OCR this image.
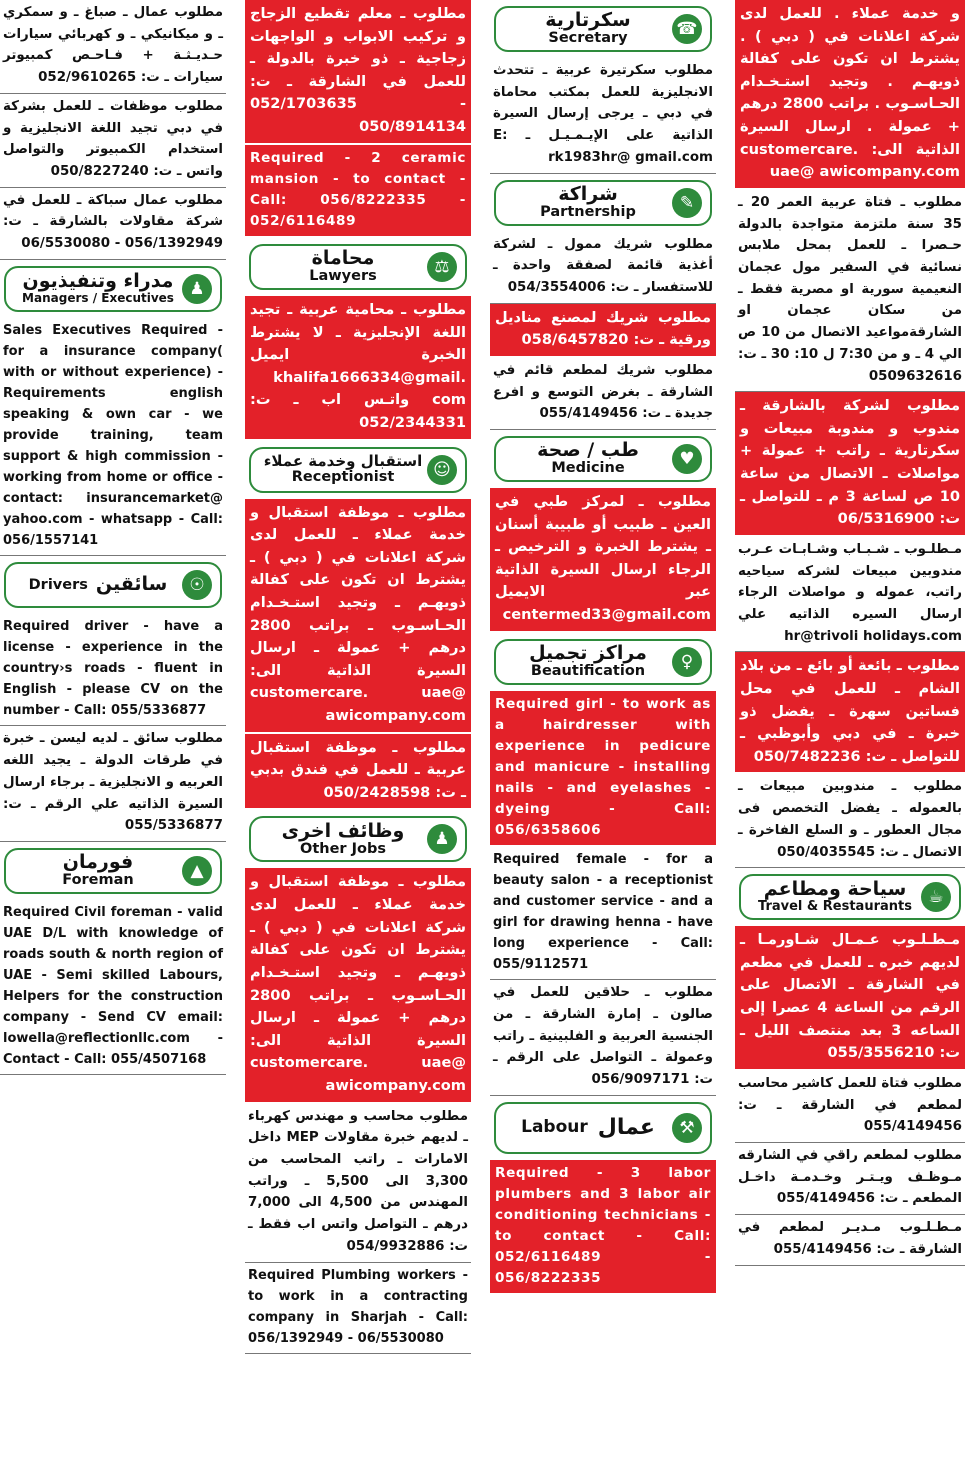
مطلوب عمال ـ صباغ ـ و سمكري ـ و ميكانيكي ـ و كهربائي سيارات حـديـثـة + فـاحـص كمبيوتر سيارات ـ ت: 052/9610265

مطلوب موظفات ـ للعمل بشركة في دبي تجيد اللغة الانجليزية و استخدام الكمبيوتر والتواصل واتس ـ ت: 050/8227240

مطلوب عمال سباكة ـ للعمل في شركة مقاولات بالشارقة ـ ت: 06/5530080 - 056/1392949

♟
مدراء وتنفيذيون
Managers / Executives

Sales Executives Required - for a insurance company( with or without experience) - Requirements english speaking & own car - we provide training, team support & high commission - working from home or office - contact: insurancemarket@ yahoo.com - whatsapp - Call: 056/1557141

☉
Drivers سائقين

Required driver - have a license - experience in the country›s roads - fluent in English - please CV on the number - Call: 055/5336877

مطلوب سائق ـ لديه ليسن ـ خبرة في طرقات الدولة ـ يجيد اللغه العربيه و الانجليزية ـ برجاء ارسال السيرة الذاتيه علي الرقم ـ ت: 055/5336877

▲
فورمان
Foreman

Required Civil foreman - valid UAE D/L with knowledge of roads south & north region of UAE - Semi skilled Labours, Helpers for the construction company - Send CV email: lowella@reflectionllc.com - Contact - Call: 055/4507168

مطلوب ـ معلم تقطيع الزجاج و تركيب الابواب و الواجهات زجاجية ـ ذو خبرة بالدولة ـ للعمل في الشارقة ـ ت: 052/1703635 - 050/8914134

Required - 2 ceramic mansion - to contact - Call: 056/8222335 - 052/6116489

محاماة
Lawyers	⚖

مطلوب ـ محامية عربية ـ تجيد اللغة الإنجليزية ـ لا يشترط الخبرة ايميل khalifa1666334@gmail. com واتـس اب ـ ت: 052/2344331

استقبال وخدمة عملاء
Receptionist	☺

مطلوب ـ موظفة استقبال و خدمة عملاء ـ للعمل لدى شركة اعلانات في ( دبي ) ـ يشترط ان تكون على كفالة ذويهـم ـ وتجيد استـخـدام الحـاسـوب ـ براتب 2800 درهم + عمولة ـ ارسال السيرة الذاتية الى: customercare. uae@ awicompany.com

مطلوب ـ موظفة استقبال عربية ـ للعمل في فندق بدبي ـ ت: 050/2428598

وظائف اخرى
Other Jobs	♟

مطلوب ـ موظفة استقبال و خدمة عملاء ـ للعمل لدى شركة اعلانات في ( دبي ) ـ يشترط ان تكون على كفالة ذويهـم ـ وتجيد استـخـدام الحـاسـوب ـ براتب 2800 درهم + عمولة ـ ارسال السيرة الذاتية الى: customercare. uae@ awicompany.com

مطلوب محاسب و مهندس كهرباء ـ لديهم خبرة مقاولات MEP داخل الامارات ـ راتب المحاسب من 3,300 الى 5,500 ـ وراتب المهندس من 4,500 الى 7,000 درهم ـ التواصل واتس اب فقط ـ ت: 054/9932886

Required Plumbing workers - to work in a contracting company in Sharjah - Call: 056/1392949 - 06/5530080

سكرتارية
Secretary	☎

مطلوب سكرتيرة عربية ـ تتحدث الانجليزية للعمل بمكتب محاماة في دبي ـ يرجى إرسال السيرة الذاتية على الإيـمـيـل ـ E: rk1983hr@ gmail.com

شراكة
Partnership	✎

مطلوب شريك ممول ـ لشركة أغذية قائمة لصفقة واحدة ـ للاستفسار ـ ت: 054/3554006

مطلوب شريك لمصنع مناديل ورقية ـ ت: 058/6457820

مطلوب شريك لمطعم قائم في الشارقة ـ بغرض التوسع و افرع جديدة ـ ت: 055/4149456

طب / صحة
Medicine	♥

مطلوب ـ لمركز طبي في العين ـ طبيب أو طبيبة أسنان ـ يشترط الخبرة و الترخيص ـ الرجاء ارسال السيرة الذاتية عبر الايميل centermed33@gmail.com

مراكز تجميل
Beautification	♀

Required girl - to work as a hairdresser with experience in pedicure and manicure - installing nails - and eyelashes - dyeing - Call: 056/6358606

Required female - for a beauty salon - a receptionist and customer service - and a girl for drawing henna - have long experience - Call: 055/9112571

مطلوب ـ حلاقين للعمل في صالون ـ إمارة الشارقة ـ من الجنسية العربية و الفلبينية ـ راتب وعمولة ـ التواصل على الرقم ـ ت: 056/9097171

Labour عمال	⚒

Required - 3 labor plumbers and 3 labor air conditioning technicians - to contact - Call: 052/6116489 - 056/8222335

و خدمة عملاء . للعمل لدى شركة اعلانات في ( دبي ) . يشترط ان تكون على كفالة ذويهـم . وتجيد استـخـدام الحـاسـوب . براتب 2800 درهم + عمولة . ارسال السيرة الذاتية الى: customercare. uae@ awicompany.com

مطلوب ـ فتاة عربية العمر 20 ـ 35 سنة ملتزمة متواجدة بالدولة حـصرا ـ للعمل بمحل ملابس نسائية في السفير مول عجمان النعيمية سورية او مصرية فقط ـ من سكان عجمان او الشارقةمواعيد الاتصال من 10 ص الي 4 ـ و من 7:30 ل 10: 30 ـ ت: 0509632616

مطلوب لشركة بالشارقة ـ مندوب و مندوبة مبيعات و سكرتارية ـ راتب + عمولة + مواصلات ـ الاتصال من ساعة 10 ص لساعة 3 م ـ للتواصل ـ ت: 06/5316900

مـطلـوب ـ شـبـاب وشـابـات عـرب مندوبين مبيعات لشركه سياحيه راتب، عموله و مواصلات الرجاء ارسال السيره الذاتيه علي hr@trivoli holidays.com

مطلوب ـ بائعة أو بائع ـ من بلاد الشام ـ للعمل في محل فساتين سهرة ـ يفضل ذو خبرة ـ في دبي وأبوظبي ـ للتواصل ـ ت: 050/7482236

مطلوب ـ مندوبين مبيعات ـ بالعموله ـ يفضل التخصص فى مجال العطور ـ و السلع الفاخرة ـ الاتصال ـ ت: 050/4035545

سياحة ومطاعم
Travel & Restaurants ☕

مـطـلـوب عـمـال شـاورمـا ـ لديهم خبره ـ للعمل في مطعم في الشارقة ـ الاتصال على الرقم من الساعة 4 عصرا إلى الساعه 3 بعد منتصف الليل ـ ت: 055/3556210

مطلوب فتاة للعمل كاشير محاسب لمطعم في الشارقة ـ ت: 055/4149456

مطلوب لمطعم راقي في الشارقه مـوظـف ويـتـر وخـدمـة داخـل المطعم ـ ت: 055/4149456

مـطـلـوب مـديـر لمطعم في الشارقة ـ ت: 055/4149456
